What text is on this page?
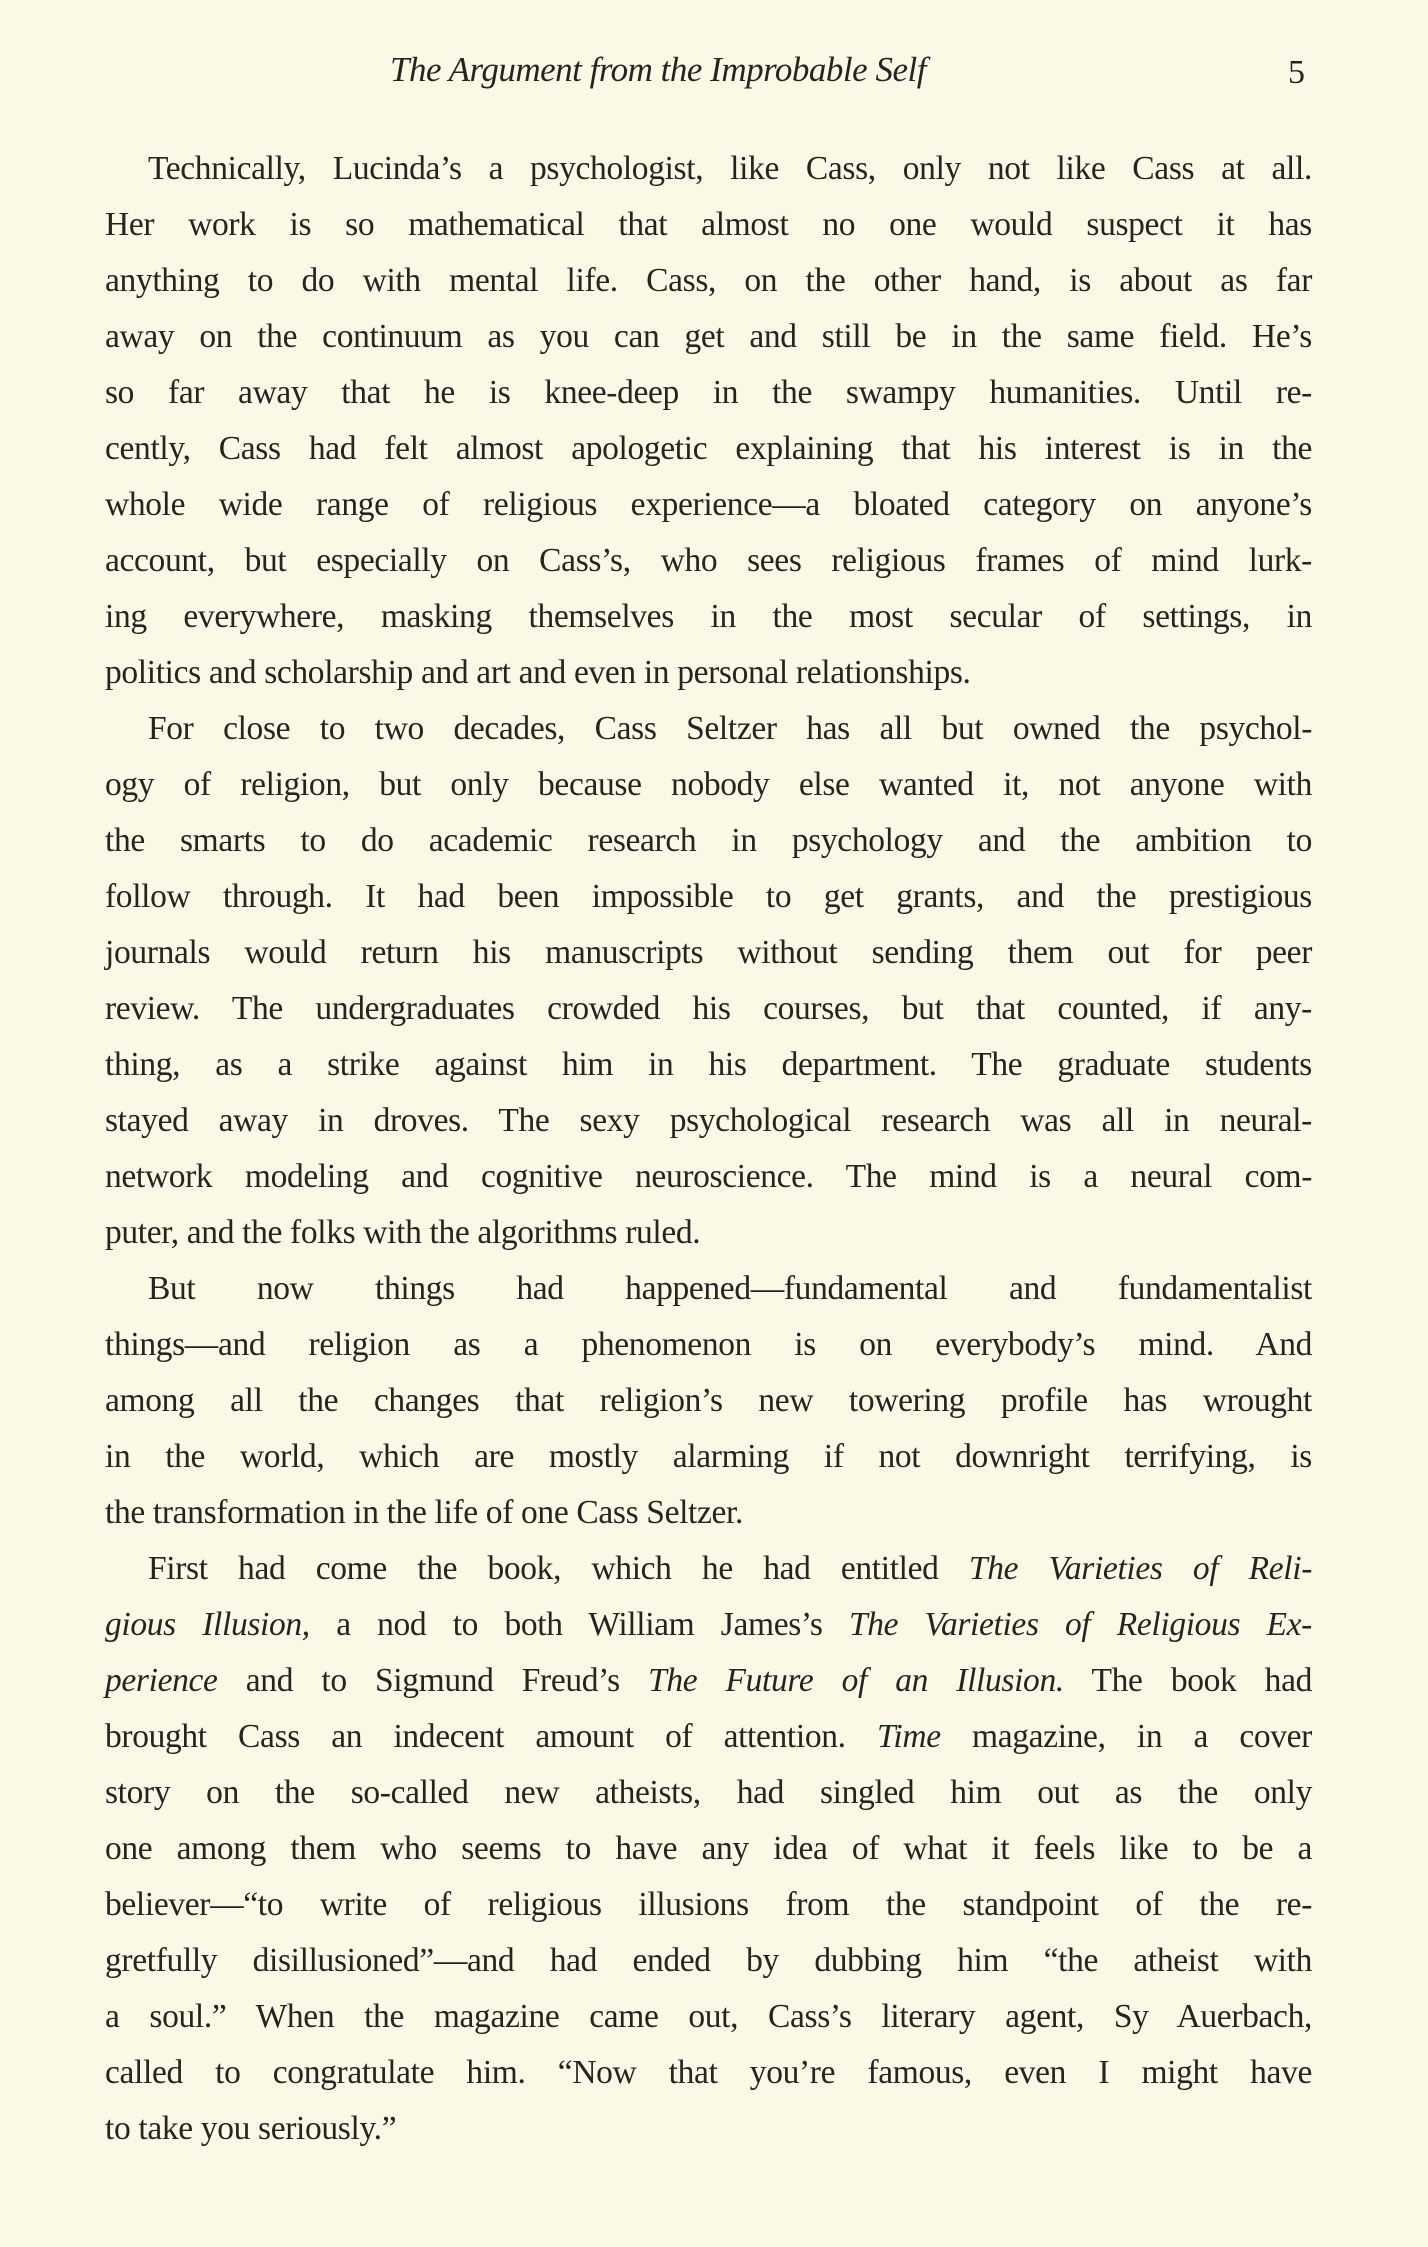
The Argument from the Improbable Self	5
Technically, Lucinda’s a psychologist, like Cass, only not like Cass at all.
Her work is so mathematical that almost no one would suspect it has
anything to do with mental life. Cass, on the other hand, is about as far
away on the continuum as you can get and still be in the same field. He’s
so far away that he is knee-deep in the swampy humanities. Until re-
cently, Cass had felt almost apologetic explaining that his interest is in the
whole wide range of religious experience—a bloated category on anyone’s
account, but especially on Cass’s, who sees religious frames of mind lurk-
ing everywhere, masking themselves in the most secular of settings, in
politics and scholarship and art and even in personal relationships.
For close to two decades, Cass Seltzer has all but owned the psychol-
ogy of religion, but only because nobody else wanted it, not anyone with
the smarts to do academic research in psychology and the ambition to
follow through. It had been impossible to get grants, and the prestigious
journals would return his manuscripts without sending them out for peer
review. The undergraduates crowded his courses, but that counted, if any-
thing, as a strike against him in his department. The graduate students
stayed away in droves. The sexy psychological research was all in neural-
network modeling and cognitive neuroscience. The mind is a neural com-
puter, and the folks with the algorithms ruled.
But now things had happened—fundamental and fundamentalist
things—and religion as a phenomenon is on everybody’s mind. And
among all the changes that religion’s new towering profile has wrought
in the world, which are mostly alarming if not downright terrifying, is
the transformation in the life of one Cass Seltzer.
First had come the book, which he had entitled The Varieties of Reli-
gious Illusion, a nod to both William James’s The Varieties of Religious Ex-
perience and to Sigmund Freud’s The Future of an Illusion. The book had
brought Cass an indecent amount of attention. Time magazine, in a cover
story on the so-called new atheists, had singled him out as the only
one among them who seems to have any idea of what it feels like to be a
believer—“to write of religious illusions from the standpoint of the re-
gretfully disillusioned”—and had ended by dubbing him “the atheist with
a soul.” When the magazine came out, Cass’s literary agent, Sy Auerbach,
called to congratulate him. “Now that you’re famous, even I might have
to take you seriously.”
